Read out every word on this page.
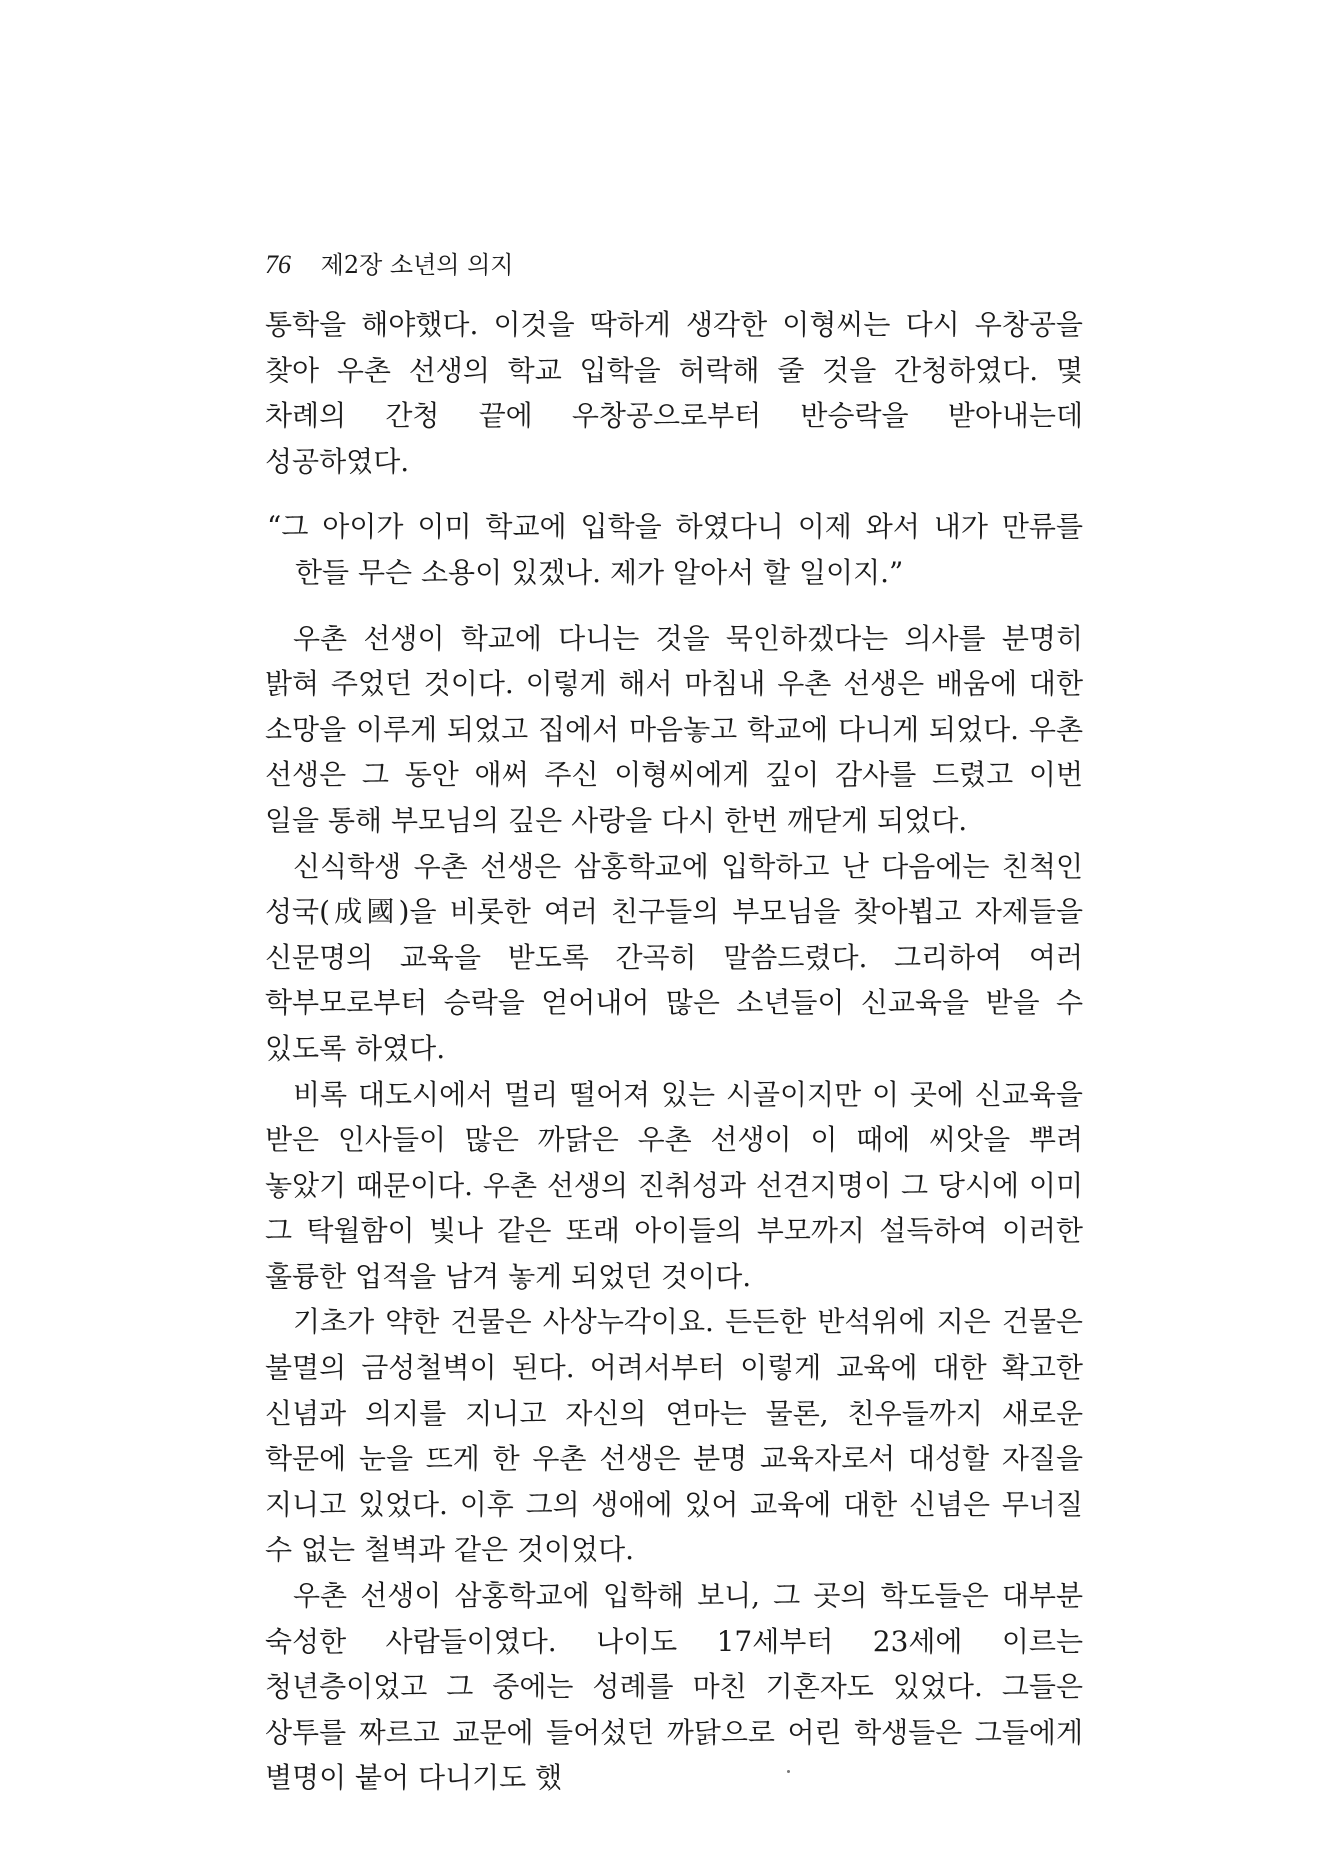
76 제2장 소년의 의지

통학을 해야했다. 이것을 딱하게 생각한 이형씨는 다시 우창공을 찾아 우촌 선생의 학교 입학을 허락해 줄 것을 간청하였다. 몇 차례의 간청 끝에 우창공으로부터 반승락을 받아내는데 성공하였다.

“그 아이가 이미 학교에 입학을 하였다니 이제 와서 내가 만류를 한들 무슨 소용이 있겠나. 제가 알아서 할 일이지.”

우촌 선생이 학교에 다니는 것을 묵인하겠다는 의사를 분명히 밝혀 주었던 것이다. 이렇게 해서 마침내 우촌 선생은 배움에 대한 소망을 이루게 되었고 집에서 마음놓고 학교에 다니게 되었다. 우촌 선생은 그 동안 애써 주신 이형씨에게 깊이 감사를 드렸고 이번 일을 통해 부모님의 깊은 사랑을 다시 한번 깨닫게 되었다.

신식학생 우촌 선생은 삼홍학교에 입학하고 난 다음에는 친척인 성국(成國)을 비롯한 여러 친구들의 부모님을 찾아뵙고 자제들을 신문명의 교육을 받도록 간곡히 말씀드렸다. 그리하여 여러 학부모로부터 승락을 얻어내어 많은 소년들이 신교육을 받을 수 있도록 하였다.

비록 대도시에서 멀리 떨어져 있는 시골이지만 이 곳에 신교육을 받은 인사들이 많은 까닭은 우촌 선생이 이 때에 씨앗을 뿌려 놓았기 때문이다. 우촌 선생의 진취성과 선견지명이 그 당시에 이미 그 탁월함이 빛나 같은 또래 아이들의 부모까지 설득하여 이러한 훌륭한 업적을 남겨 놓게 되었던 것이다.

기초가 약한 건물은 사상누각이요. 든든한 반석위에 지은 건물은 불멸의 금성철벽이 된다. 어려서부터 이렇게 교육에 대한 확고한 신념과 의지를 지니고 자신의 연마는 물론, 친우들까지 새로운 학문에 눈을 뜨게 한 우촌 선생은 분명 교육자로서 대성할 자질을 지니고 있었다. 이후 그의 생애에 있어 교육에 대한 신념은 무너질 수 없는 철벽과 같은 것이었다.

우촌 선생이 삼홍학교에 입학해 보니, 그 곳의 학도들은 대부분 숙성한 사람들이였다. 나이도 17세부터 23세에 이르는 청년층이었고 그 중에는 성례를 마친 기혼자도 있었다. 그들은 상투를 짜르고 교문에 들어섰던 까닭으로 어린 학생들은 그들에게 별명이 붙어 다니기도 했
